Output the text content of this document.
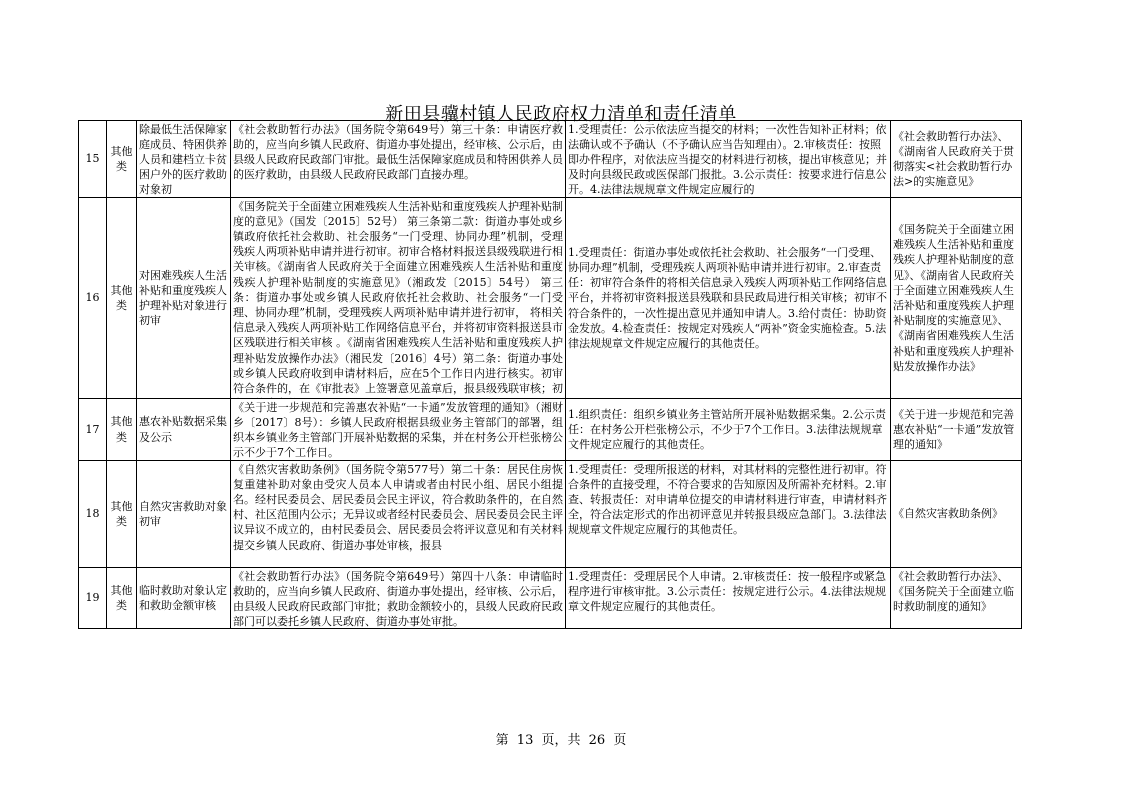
新田县骥村镇人民政府权力清单和责任清单
15	其他类	除最低生活保障家庭成员、特困供养人员和建档立卡贫困户外的医疗救助对象初	《社会救助暂行办法》（国务院令第649号）第三十条：申请医疗救助的，应当向乡镇人民政府、街道办事处提出，经审核、公示后，由县级人民政府民政部门审批。最低生活保障家庭成员和特困供养人员的医疗救助，由县级人民政府民政部门直接办理。	1.受理责任：公示依法应当提交的材料；一次性告知补正材料；依法确认或不予确认（不予确认应当告知理由）。2.审核责任：按照即办件程序，对依法应当提交的材料进行初核，提出审核意见；并及时向县级民政或医保部门报批。3.公示责任：按要求进行信息公开。4.法律法规规章文件规定应履行的	《社会救助暂行办法》、《湖南省人民政府关于贯彻落实<社会救助暂行办法>的实施意见》

16	其他类	对困难残疾人生活补贴和重度残疾人护理补贴对象进行初审	《国务院关于全面建立困难残疾人生活补贴和重度残疾人护理补贴制度的意见》（国发〔2015〕52号） 第三条第二款：街道办事处或乡镇政府依托社会救助、社会服务“一门受理、协同办理”机制，受理残疾人两项补贴申请并进行初审。初审合格材料报送县级残联进行相关审核。《湖南省人民政府关于全面建立困难残疾人生活补贴和重度残疾人护理补贴制度的实施意见》（湘政发〔2015〕54号） 第三条：街道办事处或乡镇人民政府依托社会救助、社会服务“一门受理、协同办理”机制，受理残疾人两项补贴申请并进行初审， 将相关信息录入残疾人两项补贴工作网络信息平台，并将初审资料报送县市区残联进行相关审核 。《湖南省困难残疾人生活补贴和重度残疾人护理补贴发放操作办法》（湘民发〔2016〕4号）第二条：街道办事处或乡镇人民政府收到申请材料后，应在5个工作日内进行核实。初审符合条件的，在《审批表》上签署意见盖章后，报县级残联审核；初	1.受理责任：街道办事处或依托社会救助、社会服务“一门受理、协同办理”机制，受理残疾人两项补贴申请并进行初审。2.审查责任：初审符合条件的将相关信息录入残疾人两项补贴工作网络信息平台，并将初审资料报送县残联和县民政局进行相关审核；初审不符合条件的，一次性提出意见并通知申请人。3.给付责任：协助资金发放。4.检查责任：按规定对残疾人“两补”资金实施检查。5.法律法规规章文件规定应履行的其他责任。	《国务院关于全面建立困难残疾人生活补贴和重度残疾人护理补贴制度的意见》、《湖南省人民政府关于全面建立困难残疾人生活补贴和重度残疾人护理补贴制度的实施意见》、《湖南省困难残疾人生活补贴和重度残疾人护理补贴发放操作办法》

17	其他类	惠农补贴数据采集及公示	《关于进一步规范和完善惠农补贴“一卡通”发放管理的通知》（湘财乡〔2017〕8号）：乡镇人民政府根据县级业务主管部门的部署，组织本乡镇业务主管部门开展补贴数据的采集，并在村务公开栏张榜公示不少于7个工作日。	1.组织责任：组织乡镇业务主管站所开展补贴数据采集。2.公示责任：在村务公开栏张榜公示，不少于7个工作日。3.法律法规规章文件规定应履行的其他责任。	《关于进一步规范和完善惠农补贴“一卡通”发放管理的通知》

18	其他类	自然灾害救助对象初审	《自然灾害救助条例》（国务院令第577号）第二十条：居民住房恢复重建补助对象由受灾人员本人申请或者由村民小组、居民小组提名。经村民委员会、居民委员会民主评议，符合救助条件的，在自然村、社区范围内公示；无异议或者经村民委员会、居民委员会民主评议异议不成立的，由村民委员会、居民委员会将评议意见和有关材料提交乡镇人民政府、街道办事处审核，报县	1.受理责任：受理所报送的材料，对其材料的完整性进行初审。符合条件的直接受理，不符合要求的告知原因及所需补充材料。2.审查、转报责任：对申请单位提交的申请材料进行审查，申请材料齐全，符合法定形式的作出初评意见并转报县级应急部门。3.法律法规规章文件规定应履行的其他责任。	《自然灾害救助条例》

19	其他类	临时救助对象认定和救助金额审核	《社会救助暂行办法》（国务院令第649号）第四十八条：申请临时救助的，应当向乡镇人民政府、街道办事处提出，经审核、公示后，由县级人民政府民政部门审批；救助金额较小的，县级人民政府民政部门可以委托乡镇人民政府、街道办事处审批。	1.受理责任：受理居民个人申请。2.审核责任：按一般程序或紧急程序进行审核审批。3.公示责任：按规定进行公示。4.法律法规规章文件规定应履行的其他责任。	《社会救助暂行办法》、《国务院关于全面建立临时救助制度的通知》
第 13 页，共 26 页
